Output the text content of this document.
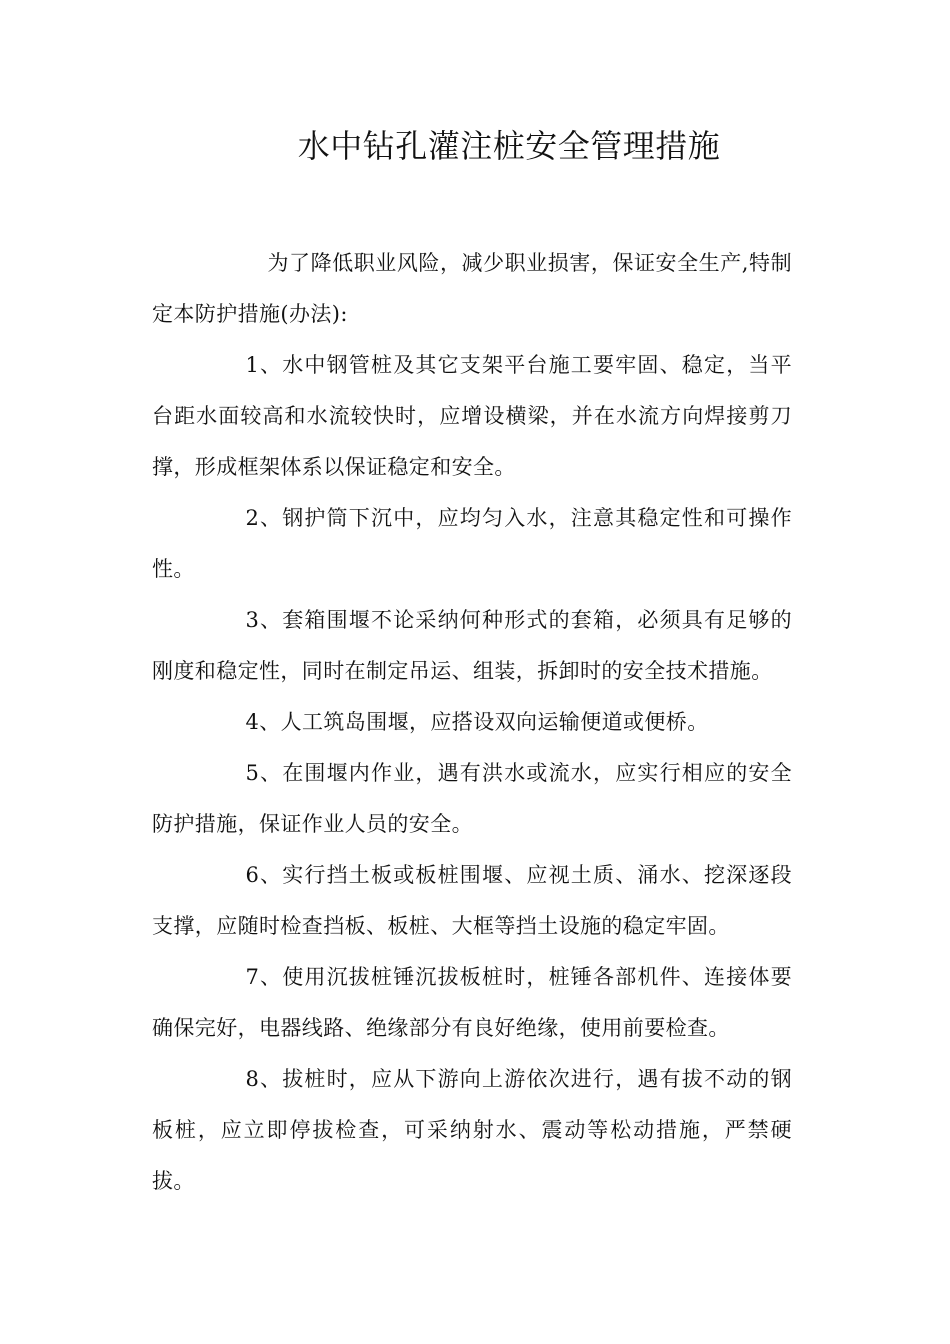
水中钻孔灌注桩安全管理措施

为了降低职业风险，减少职业损害，保证安全生产,特制定本防护措施(办法):

1、水中钢管桩及其它支架平台施工要牢固、稳定，当平台距水面较高和水流较快时，应增设横梁，并在水流方向焊接剪刀撑，形成框架体系以保证稳定和安全。

2、钢护筒下沉中，应均匀入水，注意其稳定性和可操作性。

3、套箱围堰不论采纳何种形式的套箱，必须具有足够的刚度和稳定性，同时在制定吊运、组装，拆卸时的安全技术措施。

4、人工筑岛围堰，应搭设双向运输便道或便桥。

5、在围堰内作业，遇有洪水或流水，应实行相应的安全防护措施，保证作业人员的安全。

6、实行挡土板或板桩围堰、应视土质、涌水、挖深逐段支撑，应随时检查挡板、板桩、大框等挡土设施的稳定牢固。

7、使用沉拔桩锤沉拔板桩时，桩锤各部机件、连接体要确保完好，电器线路、绝缘部分有良好绝缘，使用前要检查。

8、拔桩时，应从下游向上游依次进行，遇有拔不动的钢板桩，应立即停拔检查，可采纳射水、震动等松动措施，严禁硬拔。
